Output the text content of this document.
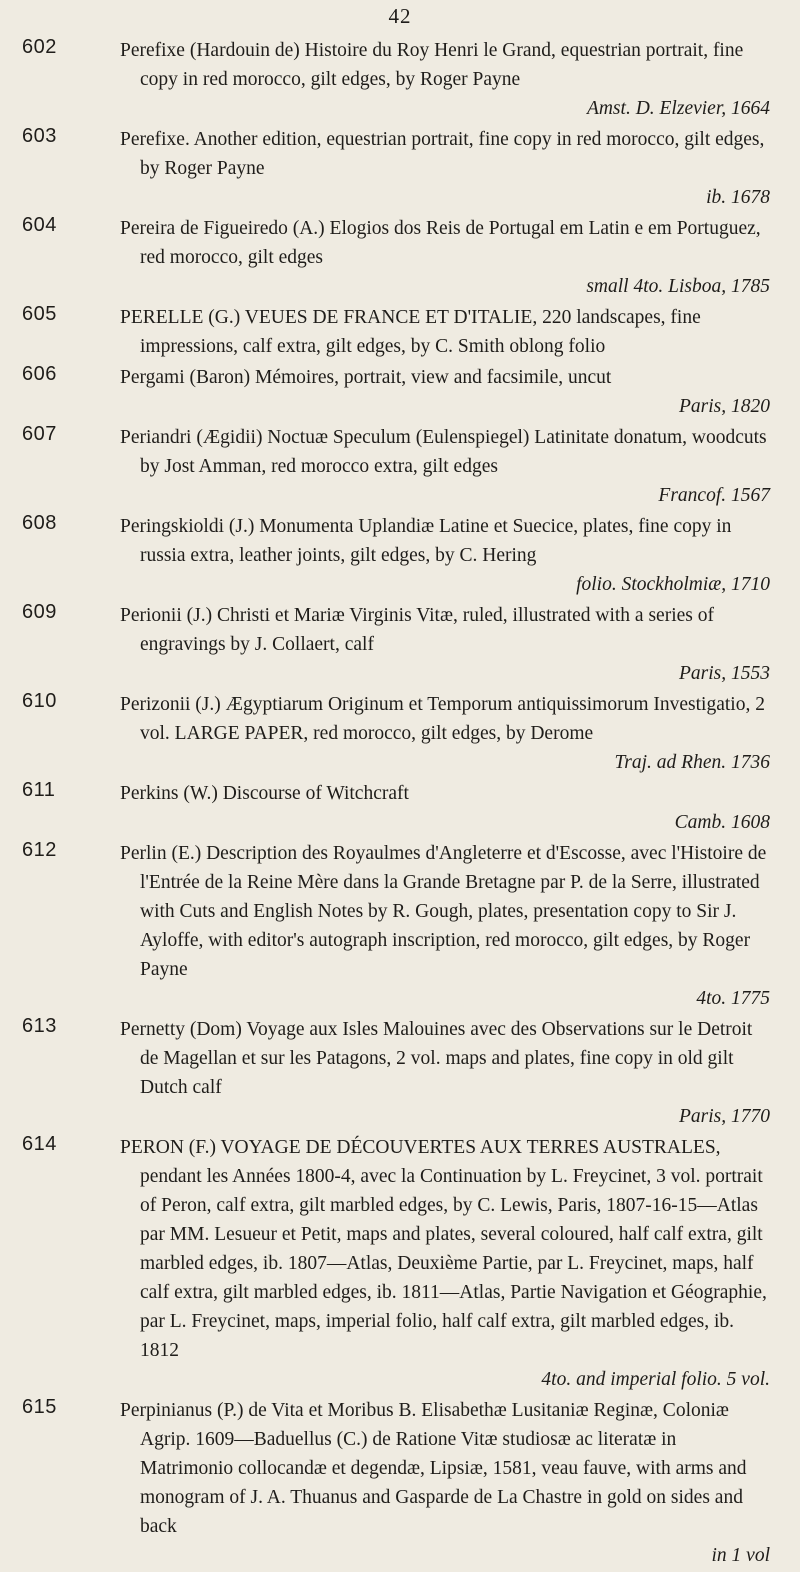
42
602	Perefixe (Hardouin de) Histoire du Roy Henri le Grand, equestrian portrait, fine copy in red morocco, gilt edges, by Roger Payne
Amst. D. Elzevier, 1664
603	Perefixe. Another edition, equestrian portrait, fine copy in red morocco, gilt edges, by Roger Payne
ib. 1678
604	Pereira de Figueiredo (A.) Elogios dos Reis de Portugal em Latin e em Portuguez, red morocco, gilt edges
small 4to. Lisboa, 1785
605	PERELLE (G.) VEUES DE FRANCE ET D'ITALIE, 220 landscapes, fine impressions, calf extra, gilt edges, by C. Smith oblong folio
606	Pergami (Baron) Mémoires, portrait, view and facsimile, uncut
Paris, 1820
607	Periandri (Ægidii) Noctuæ Speculum (Eulenspiegel) Latinitate donatum, woodcuts by Jost Amman, red morocco extra, gilt edges
Francof. 1567
608	Peringskioldi (J.) Monumenta Uplandiæ Latine et Suecice, plates, fine copy in russia extra, leather joints, gilt edges, by C. Hering
folio. Stockholmiæ, 1710
609	Perionii (J.) Christi et Mariæ Virginis Vitæ, ruled, illustrated with a series of engravings by J. Collaert, calf
Paris, 1553
610	Perizonii (J.) Ægyptiarum Originum et Temporum antiquissimorum Investigatio, 2 vol. LARGE PAPER, red morocco, gilt edges, by Derome
Traj. ad Rhen. 1736
611	Perkins (W.) Discourse of Witchcraft
Camb. 1608
612	Perlin (E.) Description des Royaulmes d'Angleterre et d'Escosse, avec l'Histoire de l'Entrée de la Reine Mère dans la Grande Bretagne par P. de la Serre, illustrated with Cuts and English Notes by R. Gough, plates, presentation copy to Sir J. Ayloffe, with editor's autograph inscription, red morocco, gilt edges, by Roger Payne
4to. 1775
613	Pernetty (Dom) Voyage aux Isles Malouines avec des Observations sur le Detroit de Magellan et sur les Patagons, 2 vol. maps and plates, fine copy in old gilt Dutch calf
Paris, 1770
614	PERON (F.) VOYAGE DE DÉCOUVERTES AUX TERRES AUSTRALES, pendant les Années 1800-4, avec la Continuation by L. Freycinet, 3 vol. portrait of Peron, calf extra, gilt marbled edges, by C. Lewis, Paris, 1807-16-15—Atlas par MM. Lesueur et Petit, maps and plates, several coloured, half calf extra, gilt marbled edges, ib. 1807—Atlas, Deuxième Partie, par L. Freycinet, maps, half calf extra, gilt marbled edges, ib. 1811—Atlas, Partie Navigation et Géographie, par L. Freycinet, maps, imperial folio, half calf extra, gilt marbled edges, ib. 1812
4to. and imperial folio. 5 vol.
615	Perpinianus (P.) de Vita et Moribus B. Elisabethæ Lusitaniæ Reginæ, Coloniæ Agrip. 1609—Baduellus (C.) de Ratione Vitæ studiosæ ac literatæ in Matrimonio collocandæ et degendæ, Lipsiæ, 1581, veau fauve, with arms and monogram of J. A. Thuanus and Gasparde de La Chastre in gold on sides and back
in 1 vol
